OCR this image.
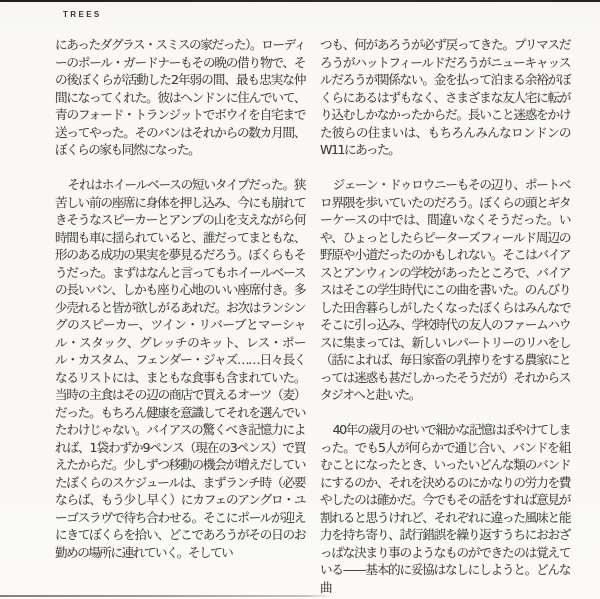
TREES

にあったダグラス・スミスの家だった）。ローディーのポール・ガードナーもその晩の借り物で、その後ぼくらが活動した2年弱の間、最も忠実な仲間になってくれた。彼はヘンドンに住んでいて、青のフォード・トランジットでボウイを自宅まで送ってやった。そのバンはそれからの数カ月間、ぼくらの家も同然になった。

それはホイールベースの短いタイプだった。狭苦しい前の座席に身体を押し込み、今にも崩れてきそうなスピーカーとアンプの山を支えながら何時間も車に揺られていると、誰だってまともな、形のある成功の果実を夢見るだろう。ぼくらもそうだった。まずはなんと言ってもホイールベースの長いバン、しかも座り心地のいい座席付き。多少売れると皆が欲しがるあれだ。お次はランシングのスピーカー、ツイン・リバーブとマーシャル・スタック、グレッチのキット、レス・ポール・カスタム、フェンダー・ジャズ……日々長くなるリストには、まともな食事も含まれていた。当時の主食はその辺の商店で買えるオーツ（麦）だった。もちろん健康を意識してそれを選んでいたわけじゃない。バイアスの驚くべき記憶力によれば、1袋わずか9ペンス（現在の3ペンス）で買えたからだ。少しずつ移動の機会が増えだしていたぼくらのスケジュールは、まずランチ時（必要ならば、もう少し早く）にカフェのアングロ・ユーゴスラヴで待ち合わせる。そこにポールが迎えにきてぼくらを拾い、どこであろうがその日のお勤めの場所に連れていく。そしてい

つも、何があろうが必ず戻ってきた。プリマスだろうがハットフィールドだろうがニューキャッスルだろうが関係ない。金を払って泊まる余裕がぼくらにあるはずもなく、さまざまな友人宅に転がり込むしかなかったからだ。長いこと迷惑をかけた彼らの住まいは、もちろんみんなロンドンのW11にあった。

ジェーン・ドゥロウニーもその辺り、ポートベロ界隈を歩いていたのだろう。ぼくらの頭とギターケースの中では、間違いなくそうだった。いや、ひょっとしたらピーターズフィールド周辺の野原や小道だったのかもしれない。そこはバイアスとアンウィンの学校があったところで、バイアスはそこの学生時代にこの曲を書いた。のんびりした田舎暮らしがしたくなったぼくらはみんなでそこに引っ込み、学校時代の友人のファームハウスに集まっては、新しいレパートリーのリハをし（話によれば、毎日家畜の乳搾りをする農家にとっては迷惑も甚だしかったそうだが）それからスタジオへと赴いた。

40年の歳月のせいで細かな記憶はぼやけてしまった。でも5人が何らかで通じ合い、バンドを組むことになったとき、いったいどんな類のバンドにするのか、それを決めるのにかなりの労力を費やしたのは確かだ。今でもその話をすれば意見が割れると思うけれど、それぞれに違った風味と能力を持ち寄り、試行錯誤を繰り返すうちにおおざっぱな決まり事のようなものができたのは覚えている——基本的に妥協はなしにしようと。どんな曲
